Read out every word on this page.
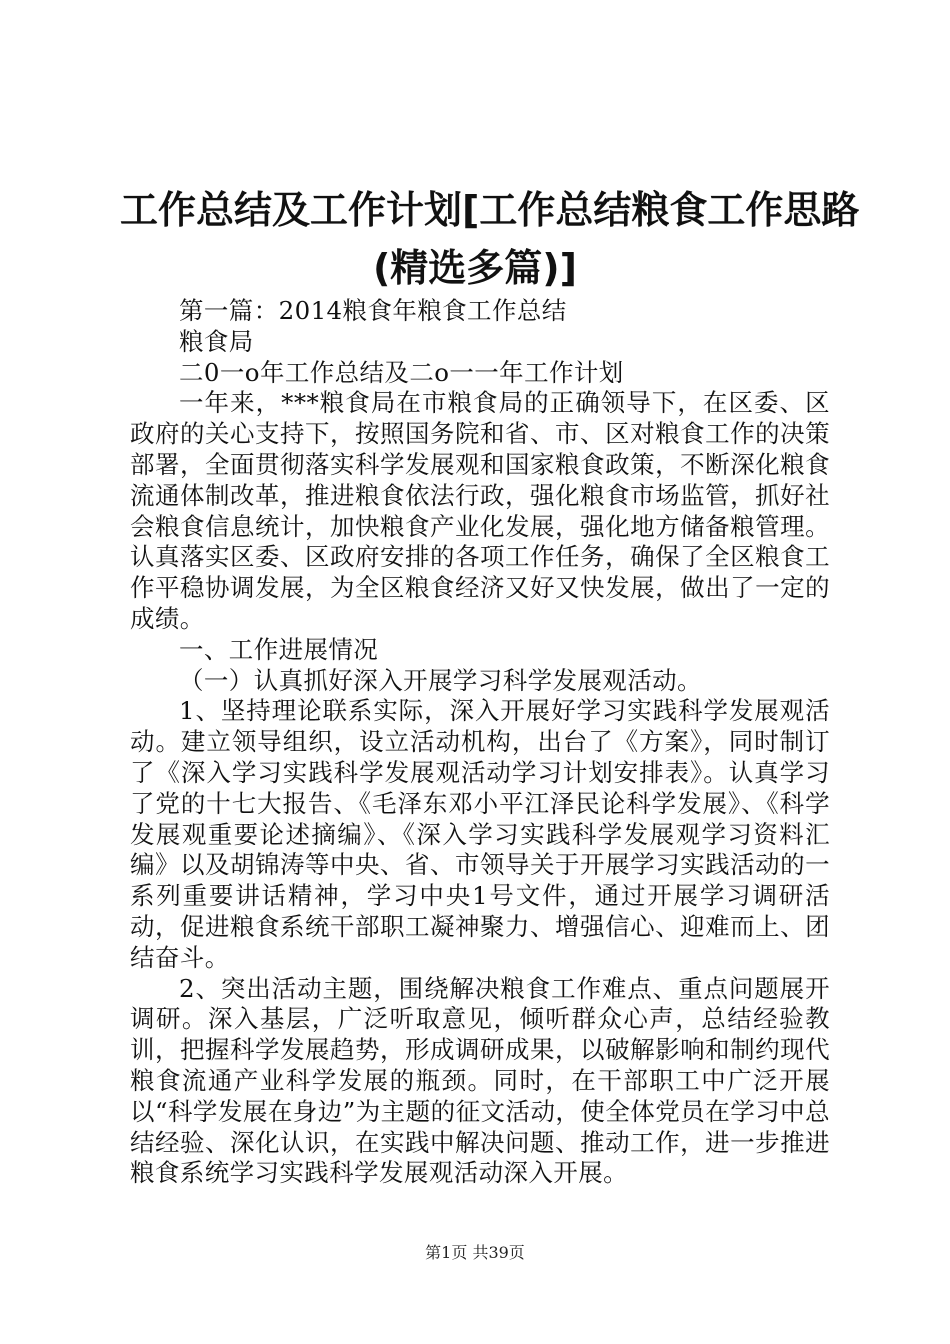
工作总结及工作计划[工作总结粮食工作思路
(精选多篇)]

第一篇：2014粮食年粮食工作总结

粮食局

二0一o年工作总结及二o一一年工作计划

一年来，***粮食局在市粮食局的正确领导下，在区委、区政府的关心支持下，按照国务院和省、市、区对粮食工作的决策部署，全面贯彻落实科学发展观和国家粮食政策，不断深化粮食流通体制改革，推进粮食依法行政，强化粮食市场监管，抓好社会粮食信息统计，加快粮食产业化发展，强化地方储备粮管理。认真落实区委、区政府安排的各项工作任务，确保了全区粮食工作平稳协调发展，为全区粮食经济又好又快发展，做出了一定的成绩。

一、工作进展情况

（一）认真抓好深入开展学习科学发展观活动。

1、坚持理论联系实际，深入开展好学习实践科学发展观活动。建立领导组织，设立活动机构，出台了《方案》，同时制订了《深入学习实践科学发展观活动学习计划安排表》。认真学习了党的十七大报告、《毛泽东邓小平江泽民论科学发展》、《科学发展观重要论述摘编》、《深入学习实践科学发展观学习资料汇编》以及胡锦涛等中央、省、市领导关于开展学习实践活动的一系列重要讲话精神，学习中央1号文件，通过开展学习调研活动，促进粮食系统干部职工凝神聚力、增强信心、迎难而上、团结奋斗。

2、突出活动主题，围绕解决粮食工作难点、重点问题展开调研。深入基层，广泛听取意见，倾听群众心声，总结经验教训，把握科学发展趋势，形成调研成果，以破解影响和制约现代粮食流通产业科学发展的瓶颈。同时，在干部职工中广泛开展以“科学发展在身边”为主题的征文活动，使全体党员在学习中总结经验、深化认识，在实践中解决问题、推动工作，进一步推进粮食系统学习实践科学发展观活动深入开展。

第1页 共39页
